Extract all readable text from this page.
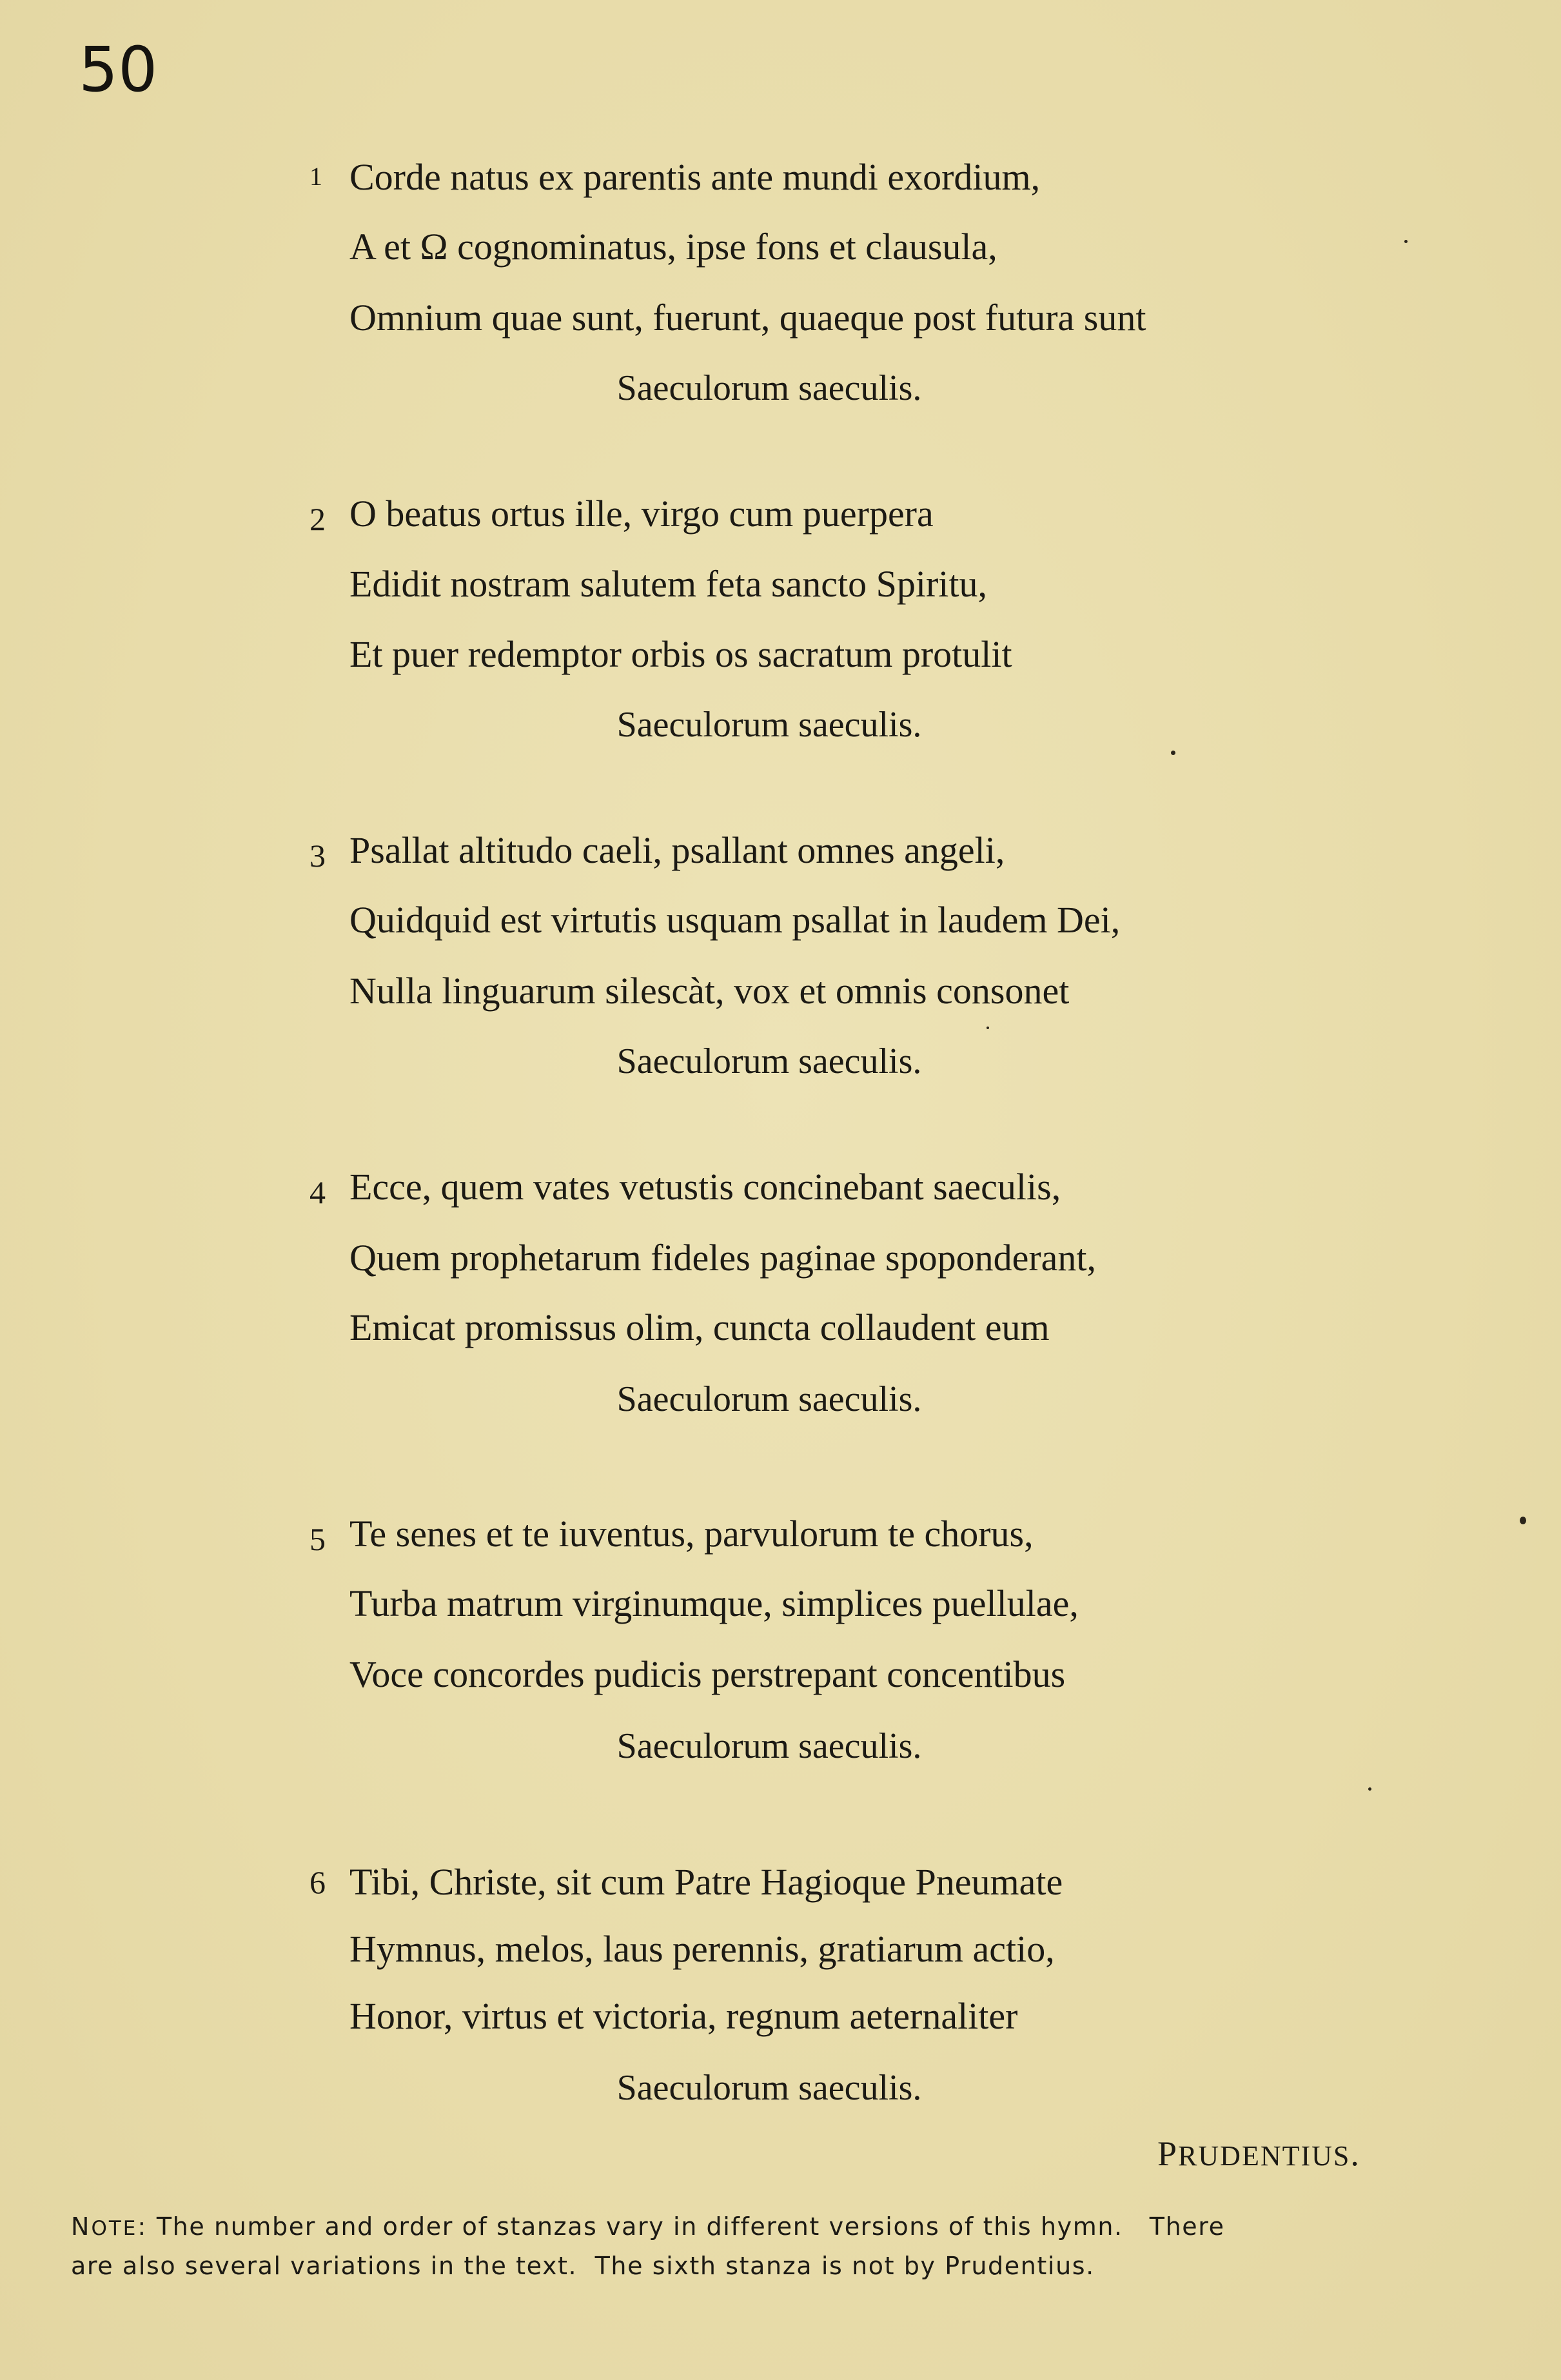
50
1 Corde natus ex parentis ante mundi exordium,
A et Ω cognominatus, ipse fons et clausula,
Omnium quae sunt, fuerunt, quaeque post futura sunt
Saeculorum saeculis.
2 O beatus ortus ille, virgo cum puerpera
Edidit nostram salutem feta sancto Spiritu,
Et puer redemptor orbis os sacratum protulit
Saeculorum saeculis.
3 Psallat altitudo caeli, psallant omnes angeli,
Quidquid est virtutis usquam psallat in laudem Dei,
Nulla linguarum silescàt, vox et omnis consonet
Saeculorum saeculis.
4 Ecce, quem vates vetustis concinebant saeculis,
Quem prophetarum fideles paginae spoponderant,
Emicat promissus olim, cuncta collaudent eum
Saeculorum saeculis.
5 Te senes et te iuventus, parvulorum te chorus,
Turba matrum virginumque, simplices puellulae,
Voce concordes pudicis perstrepant concentibus
Saeculorum saeculis.
6 Tibi, Christe, sit cum Patre Hagioque Pneumate
Hymnus, melos, laus perennis, gratiarum actio,
Honor, virtus et victoria, regnum aeternaliter
Saeculorum saeculis.
PRUDENTIUS.
NOTE: The number and order of stanzas vary in different versions of this hymn.   There
are also several variations in the text.  The sixth stanza is not by Prudentius.
